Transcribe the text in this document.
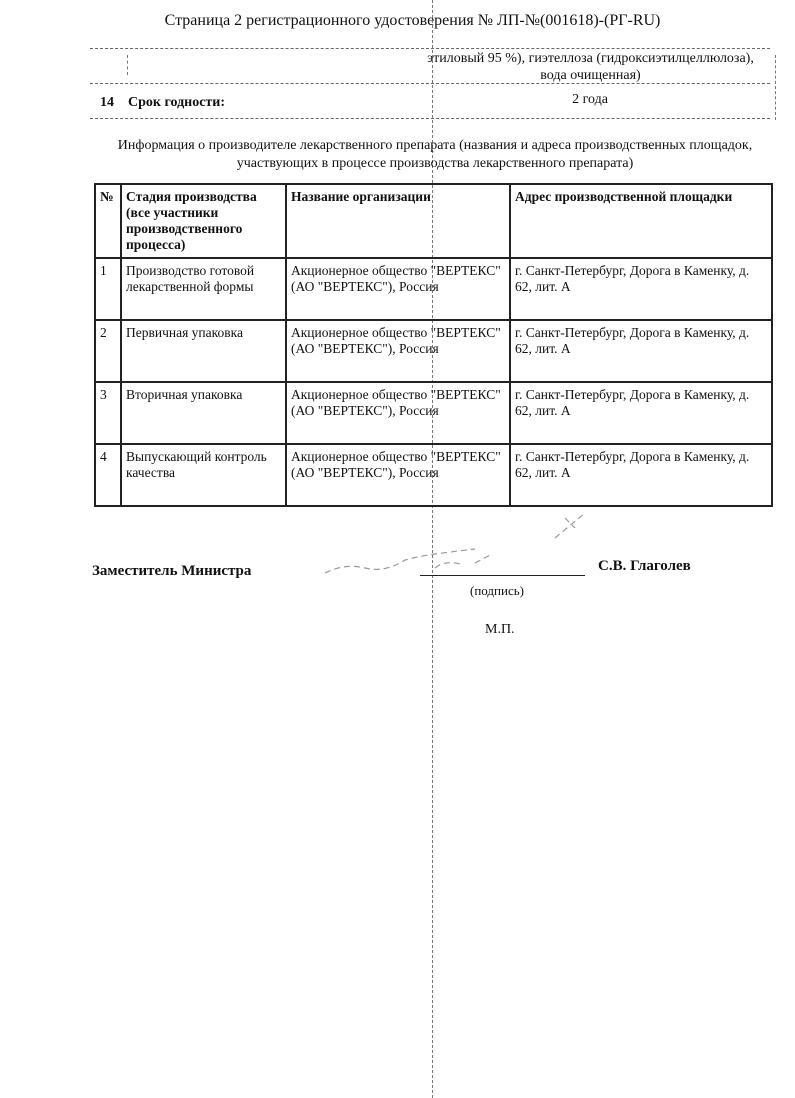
Страница 2 регистрационного удостоверения № ЛП-№(001618)-(РГ-RU)
этиловый 95 %), гиэтеллоза (гидроксиэтилцеллюлоза),
вода очищенная)
14 Срок годности:	2 года
Информация о производителе лекарственного препарата (названия и адреса производственных площадок,
участвующих в процессе производства лекарственного препарата)
№	Стадия производства (все участники производственного процесса)	Название организации	Адрес производственной площадки
1	Производство готовой лекарственной формы	Акционерное общество "ВЕРТЕКС" (АО "ВЕРТЕКС"), Россия	г. Санкт-Петербург, Дорога в Каменку, д. 62, лит. А
2	Первичная упаковка	Акционерное общество "ВЕРТЕКС" (АО "ВЕРТЕКС"), Россия	г. Санкт-Петербург, Дорога в Каменку, д. 62, лит. А
3	Вторичная упаковка	Акционерное общество "ВЕРТЕКС" (АО "ВЕРТЕКС"), Россия	г. Санкт-Петербург, Дорога в Каменку, д. 62, лит. А
4	Выпускающий контроль качества	Акционерное общество "ВЕРТЕКС" (АО "ВЕРТЕКС"), Россия	г. Санкт-Петербург, Дорога в Каменку, д. 62, лит. А
Заместитель Министра	С.В. Глаголев
(подпись)
М.П.
